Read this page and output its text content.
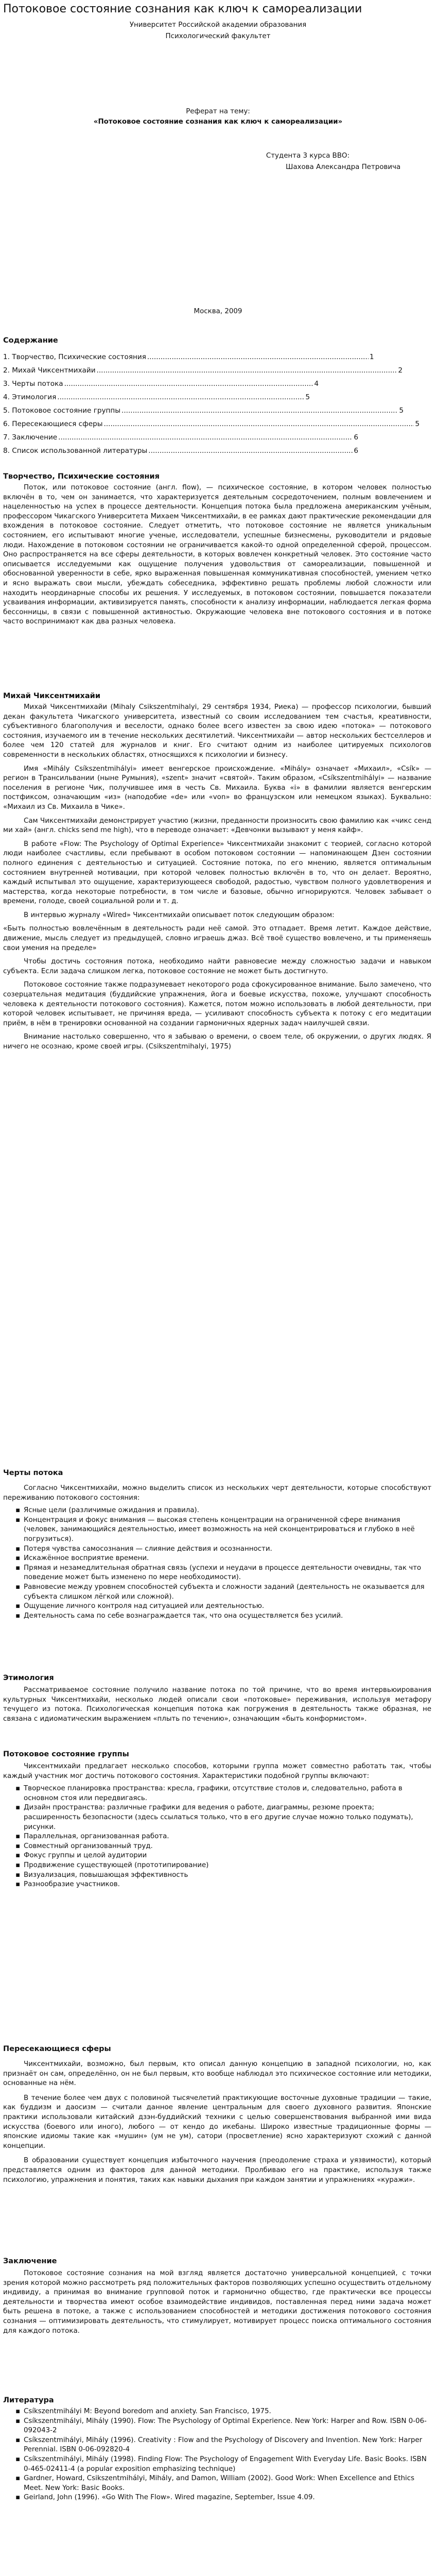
Потоковое состояние сознания как ключ к самореализации
Университет Российской академии образования
Психологический факультет
Реферат на тему:
«Потоковое состояние сознания как ключ к самореализации»
Студента 3 курса ВВО:
Шахова Александра Петровича
Москва, 2009
Содержание
1. Творчество, Психические состояния .....	1
2. Михай Чиксентмихайи .....	2
3. Черты потока .....	4
4. Этимология .....	5
5. Потоковое состояние группы .....	5
6. Пересекающиеся сферы .....	5
7. Заключение .....	6
8. Список использованной литературы .....	6
Творчество, Психические состояния

Поток, или потоковое состояние (англ. flow), — психическое состояние, в котором человек полностью включён в то, чем он занимается, что характеризуется деятельным сосредоточением, полным вовлечением и нацеленностью на успех в процессе деятельности. Концепция потока была предложена американским учёным, профессором Чикагского Университета Михаем Чиксентмихайи, в ее рамках дают практические рекомендации для вхождения в потоковое состояние. Следует отметить, что потоковое состояние не является уникальным состоянием, его испытывают многие ученые, исследователи, успешные бизнесмены, руководители и рядовые люди. Нахождение в потоковом состоянии не ограничивается какой-то одной определенной сферой, процессом. Оно распространяется на все сферы деятельности, в которых вовлечен конкретный человек. Это состояние часто описывается исследуемыми как ощущение получения удовольствия от самореализации, повышенной и обоснованной уверенности в себе, ярко выраженная повышенная коммуникативная способностей, умением четко и ясно выражать свои мысли, убеждать собеседника, эффективно решать проблемы любой сложности или находить неординарные способы их решения. У исследуемых, в потоковом состоянии, повышается показатели усваивания информации, активизируется память, способности к анализу информации, наблюдается легкая форма бессонницы, в связи с повышенной активностью. Окружающие человека вне потокового состояния и в потоке часто воспринимают как два разных человека.

Михай Чиксентмихайи

Михай Чиксентмихайи (Mihaly Csikszentmihalyi, 29 сентября 1934, Риека) — профессор психологии, бывший декан факультета Чикагского университета, известный со своим исследованием тем счастья, креативности, субъективного благополучия и веселости, однако более всего известен за свою идею «потока» — потокового состояния, изучаемого им в течение нескольких десятилетий. Чиксентмихайи — автор нескольких бестселлеров и более чем 120 статей для журналов и книг. Его считают одним из наиболее цитируемых психологов современности в нескольких областях, относящихся к психологии и бизнесу.

Имя «Mihály Csíkszentmihályi» имеет венгерское происхождение. «Mihály» означает «Михаил», «Csík» — регион в Трансильвании (ныне Румыния), «szent» значит «святой». Таким образом, «Csíkszentmihályi» — название поселения в регионе Чик, получившее имя в честь Св. Михаила. Буква «i» в фамилии является венгерским постфиксом, означающим «из» (наподобие «de» или «von» во французском или немецком языках). Буквально: «Михаил из Св. Михаила в Чике».

Сам Чиксентмихайи демонстрирует участию (жизни, преданности произносить свою фамилию как «чикс сенд ми хай» (англ. chicks send me high), что в переводе означает: «Девчонки вызывают у меня кайф».

В работе «Flow: The Psychology of Optimal Experience» Чиксентмихайи знакомит с теорией, согласно которой люди наиболее счастливы, если пребывают в особом потоковом состоянии — напоминающем Дзен состоянии полного единения с деятельностью и ситуацией. Состояние потока, по его мнению, является оптимальным состоянием внутренней мотивации, при которой человек полностью включён в то, что он делает. Вероятно, каждый испытывал это ощущение, характеризующееся свободой, радостью, чувством полного удовлетворения и мастерства, когда некоторые потребности, в том числе и базовые, обычно игнорируются. Человек забывает о времени, голоде, своей социальной роли и т. д.

В интервью журналу «Wired» Чиксентмихайи описывает поток следующим образом:

«Быть полностью вовлечённым в деятельность ради неё самой. Это отпадает. Время летит. Каждое действие, движение, мысль следует из предыдущей, словно играешь джаз. Всё твоё существо вовлечено, и ты применяешь свои умения на пределе»

Чтобы достичь состояния потока, необходимо найти равновесие между сложностью задачи и навыком субъекта. Если задача слишком легка, потоковое состояние не может быть достигнуто.

Потоковое состояние также подразумевает некоторого рода сфокусированное внимание. Было замечено, что созерцательная медитация (буддийские упражнения, йога и боевые искусства, похоже, улучшают способность человека к деятельности потокового состояния). Кажется, потом можно использовать в любой деятельности, при которой человек испытывает, не причиняя вреда, — усиливают способность субъекта к потоку с его медитации приём, в нём в тренировки основанной на создании гармоничных ядерных задач наилучшей связи.

Внимание настолько совершенно, что я забываю о времени, о своем теле, об окружении, о других людях. Я ничего не осознаю, кроме своей игры. (Csikszentmihalyi, 1975)

Черты потока

Согласно Чиксентмихайи, можно выделить список из нескольких черт деятельности, которые способствуют переживанию потокового состояния:

▪ Ясные цели (различимые ожидания и правила).
▪ Концентрация и фокус внимания — высокая степень концентрации на ограниченной сфере внимания (человек, занимающийся деятельностью, имеет возможность на ней сконцентрироваться и глубоко в неё погрузиться).
▪ Потеря чувства самосознания — слияние действия и осознанности.
▪ Искажённое восприятие времени.
▪ Прямая и незамедлительная обратная связь (успехи и неудачи в процессе деятельности очевидны, так что поведение может быть изменено по мере необходимости).
▪ Равновесие между уровнем способностей субъекта и сложности заданий (деятельность не оказывается для субъекта слишком лёгкой или сложной).
▪ Ощущение личного контроля над ситуацией или деятельностью.
▪ Деятельность сама по себе вознаграждается так, что она осуществляется без усилий.
Этимология

Рассматриваемое состояние получило название потока по той причине, что во время интервьюирования культурных Чиксентмихайи, несколько людей описали свои «потоковые» переживания, используя метафору течущего из потока. Психологическая концепция потока как погружения в деятельность также образная, не связана с идиоматическим выражением «плыть по течению», означающим «быть конформистом».

Потоковое состояние группы

Чиксентмихайи предлагает несколько способов, которыми группа может совместно работать так, чтобы каждый участник мог достичь потокового состояния. Характеристики подобной группы включают:

▪ Творческое планировка пространства: кресла, графики, отсутствие столов и, следовательно, работа в основном стоя или передвигаясь.
▪ Дизайн пространства: различные графики для ведения о работе, диаграммы, резюме проекта; расширенность безопасности (здесь ссылаться только, что в его другие случае можно только подумать), рисунки.
▪ Параллельная, организованная работа.
▪ Совместный организованный труд.
▪ Фокус группы и целой аудитории
▪ Продвижение существующей (прототипирование)
▪ Визуализация, повышающая эффективность
▪ Разнообразие участников.
Пересекающиеся сферы

Чиксентмихайи, возможно, был первым, кто описал данную концепцию в западной психологии, но, как признаёт он сам, определённо, он не был первым, кто вообще наблюдал это психическое состояние или методики, основанные на нём.

В течение более чем двух с половиной тысячелетий практикующие восточные духовные традиции — такие, как буддизм и даосизм — считали данное явление центральным для своего духовного развития. Японские практики использовали китайский дзэн-буддийский техники с целью совершенствования выбранной ими вида искусства (боевого или иного), любого — от кендо до икебаны. Широко известные традиционные формы — японские идиомы такие как «мушин» (ум не ум), сатори (просветление) ясно характеризуют схожий с данной концепции.

В образовании существует концепция избыточного научения (преодоление страха и уязвимости), который представляется одним из факторов для данной методики. Пролбиваю его на практике, используя также психологию, упражнения и понятия, таких как навыки дыхания при каждом занятии и упражнениях «куражи».

Заключение

Потоковое состояние сознания на мой взгляд является достаточно универсальной концепцией, с точки зрения которой можно рассмотреть ряд положительных факторов позволяющих успешно осуществить отдельному индивиду, а принимая во внимание групповой поток и гармонично общество, где практически все процессы деятельности и творчества имеют особое взаимодействие индивидов, поставленная перед ними задача может быть решена в потоке, а также с использованием способностей и методики достижения потокового состояния сознания — оптимизировать деятельность, что стимулирует, мотивирует процесс поиска оптимального состояния для каждого потока.

Литература
▪ Csíkszentmihályi M: Beyond boredom and anxiety. San Francisco, 1975.
▪ Csíkszentmihályi, Mihály (1990). Flow: The Psychology of Optimal Experience. New York: Harper and Row. ISBN 0-06-092043-2
▪ Csíkszentmihályi, Mihály (1996). Creativity : Flow and the Psychology of Discovery and Invention. New York: Harper Perennial. ISBN 0-06-092820-4
▪ Csíkszentmihályi, Mihály (1998). Finding Flow: The Psychology of Engagement With Everyday Life. Basic Books. ISBN 0-465-02411-4 (a popular exposition emphasizing technique)
▪ Gardner, Howard, Csikszentmihályi, Mihály, and Damon, William (2002). Good Work: When Excellence and Ethics Meet. New York: Basic Books.
▪ Geirland, John (1996). «Go With The Flow». Wired magazine, September, Issue 4.09.
